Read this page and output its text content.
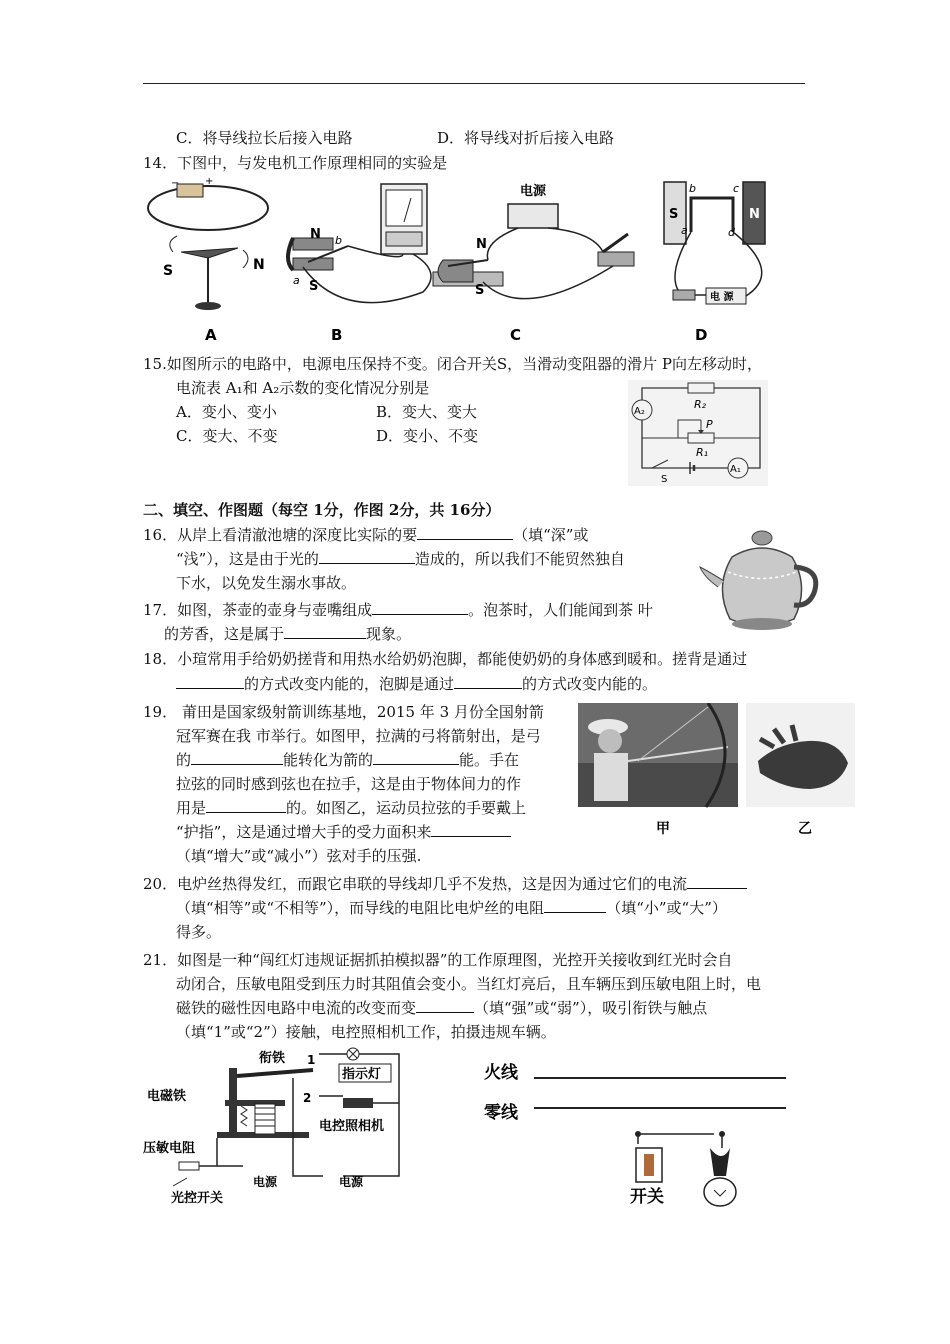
C．将导线拉长后接入电路	D．将导线对折后接入电路
14．下图中，与发电机工作原理相同的实验是
−	+
S	N
A
N b
a S
B
电源
N
S
C
S	N
b	c
a	d
电 源
D
15.如图所示的电路中，电源电压保持不变。闭合开关S，当滑动变阻器的滑片 P向左移动时，
电流表 A₁和 A₂示数的变化情况分别是
A．变小、变小	B．变大、变大
C．变大、不变	D．变小、不变
A₂
R₂
P
R₁
S
A₁
二、填空、作图题（每空 1分，作图 2分，共 16分）
16．从岸上看清澈池塘的深度比实际的要	（填“深”或
“浅”），这是由于光的	造成的，所以我们不能贸然独自
下水，以免发生溺水事故。
17．如图，茶壶的壶身与壶嘴组成	。泡茶时，人们能闻到茶 叶
的芳香，这是属于	现象。
18．小瑄常用手给奶奶搓背和用热水给奶奶泡脚，都能使奶奶的身体感到暖和。搓背是通过
的方式改变内能的，泡脚是通过	的方式改变内能的。
19． 莆田是国家级射箭训练基地，2015 年 3 月份全国射箭
冠军赛在我 市举行。如图甲，拉满的弓将箭射出，是弓
的	能转化为箭的	能。手在
拉弦的同时感到弦也在拉手，这是由于物体间力的作
用是	的。如图乙，运动员拉弦的手要戴上
“护指”，这是通过增大手的受力面积来
（填“增大”或“减小”）弦对手的压强.
甲	乙
20．电炉丝热得发红，而跟它串联的导线却几乎不发热，这是因为通过它们的电流
（填“相等”或“不相等”），而导线的电阻比电炉丝的电阻	（填“小”或“大”）
得多。
21．如图是一种“闯红灯违规证据抓拍模拟器”的工作原理图，光控开关接收到红光时会自
动闭合，压敏电阻受到压力时其阻值会变小。当红灯亮后，且车辆压到压敏电阻上时，电
磁铁的磁性因电路中电流的改变而变	（填“强”或“弱”），吸引衔铁与触点
（填“1”或“2”）接触，电控照相机工作，拍摄违规车辆。
衔铁
电磁铁
压敏电阻
光控开关
1
2
指示灯
电控照相机
电源	电源
火线
零线
开关
